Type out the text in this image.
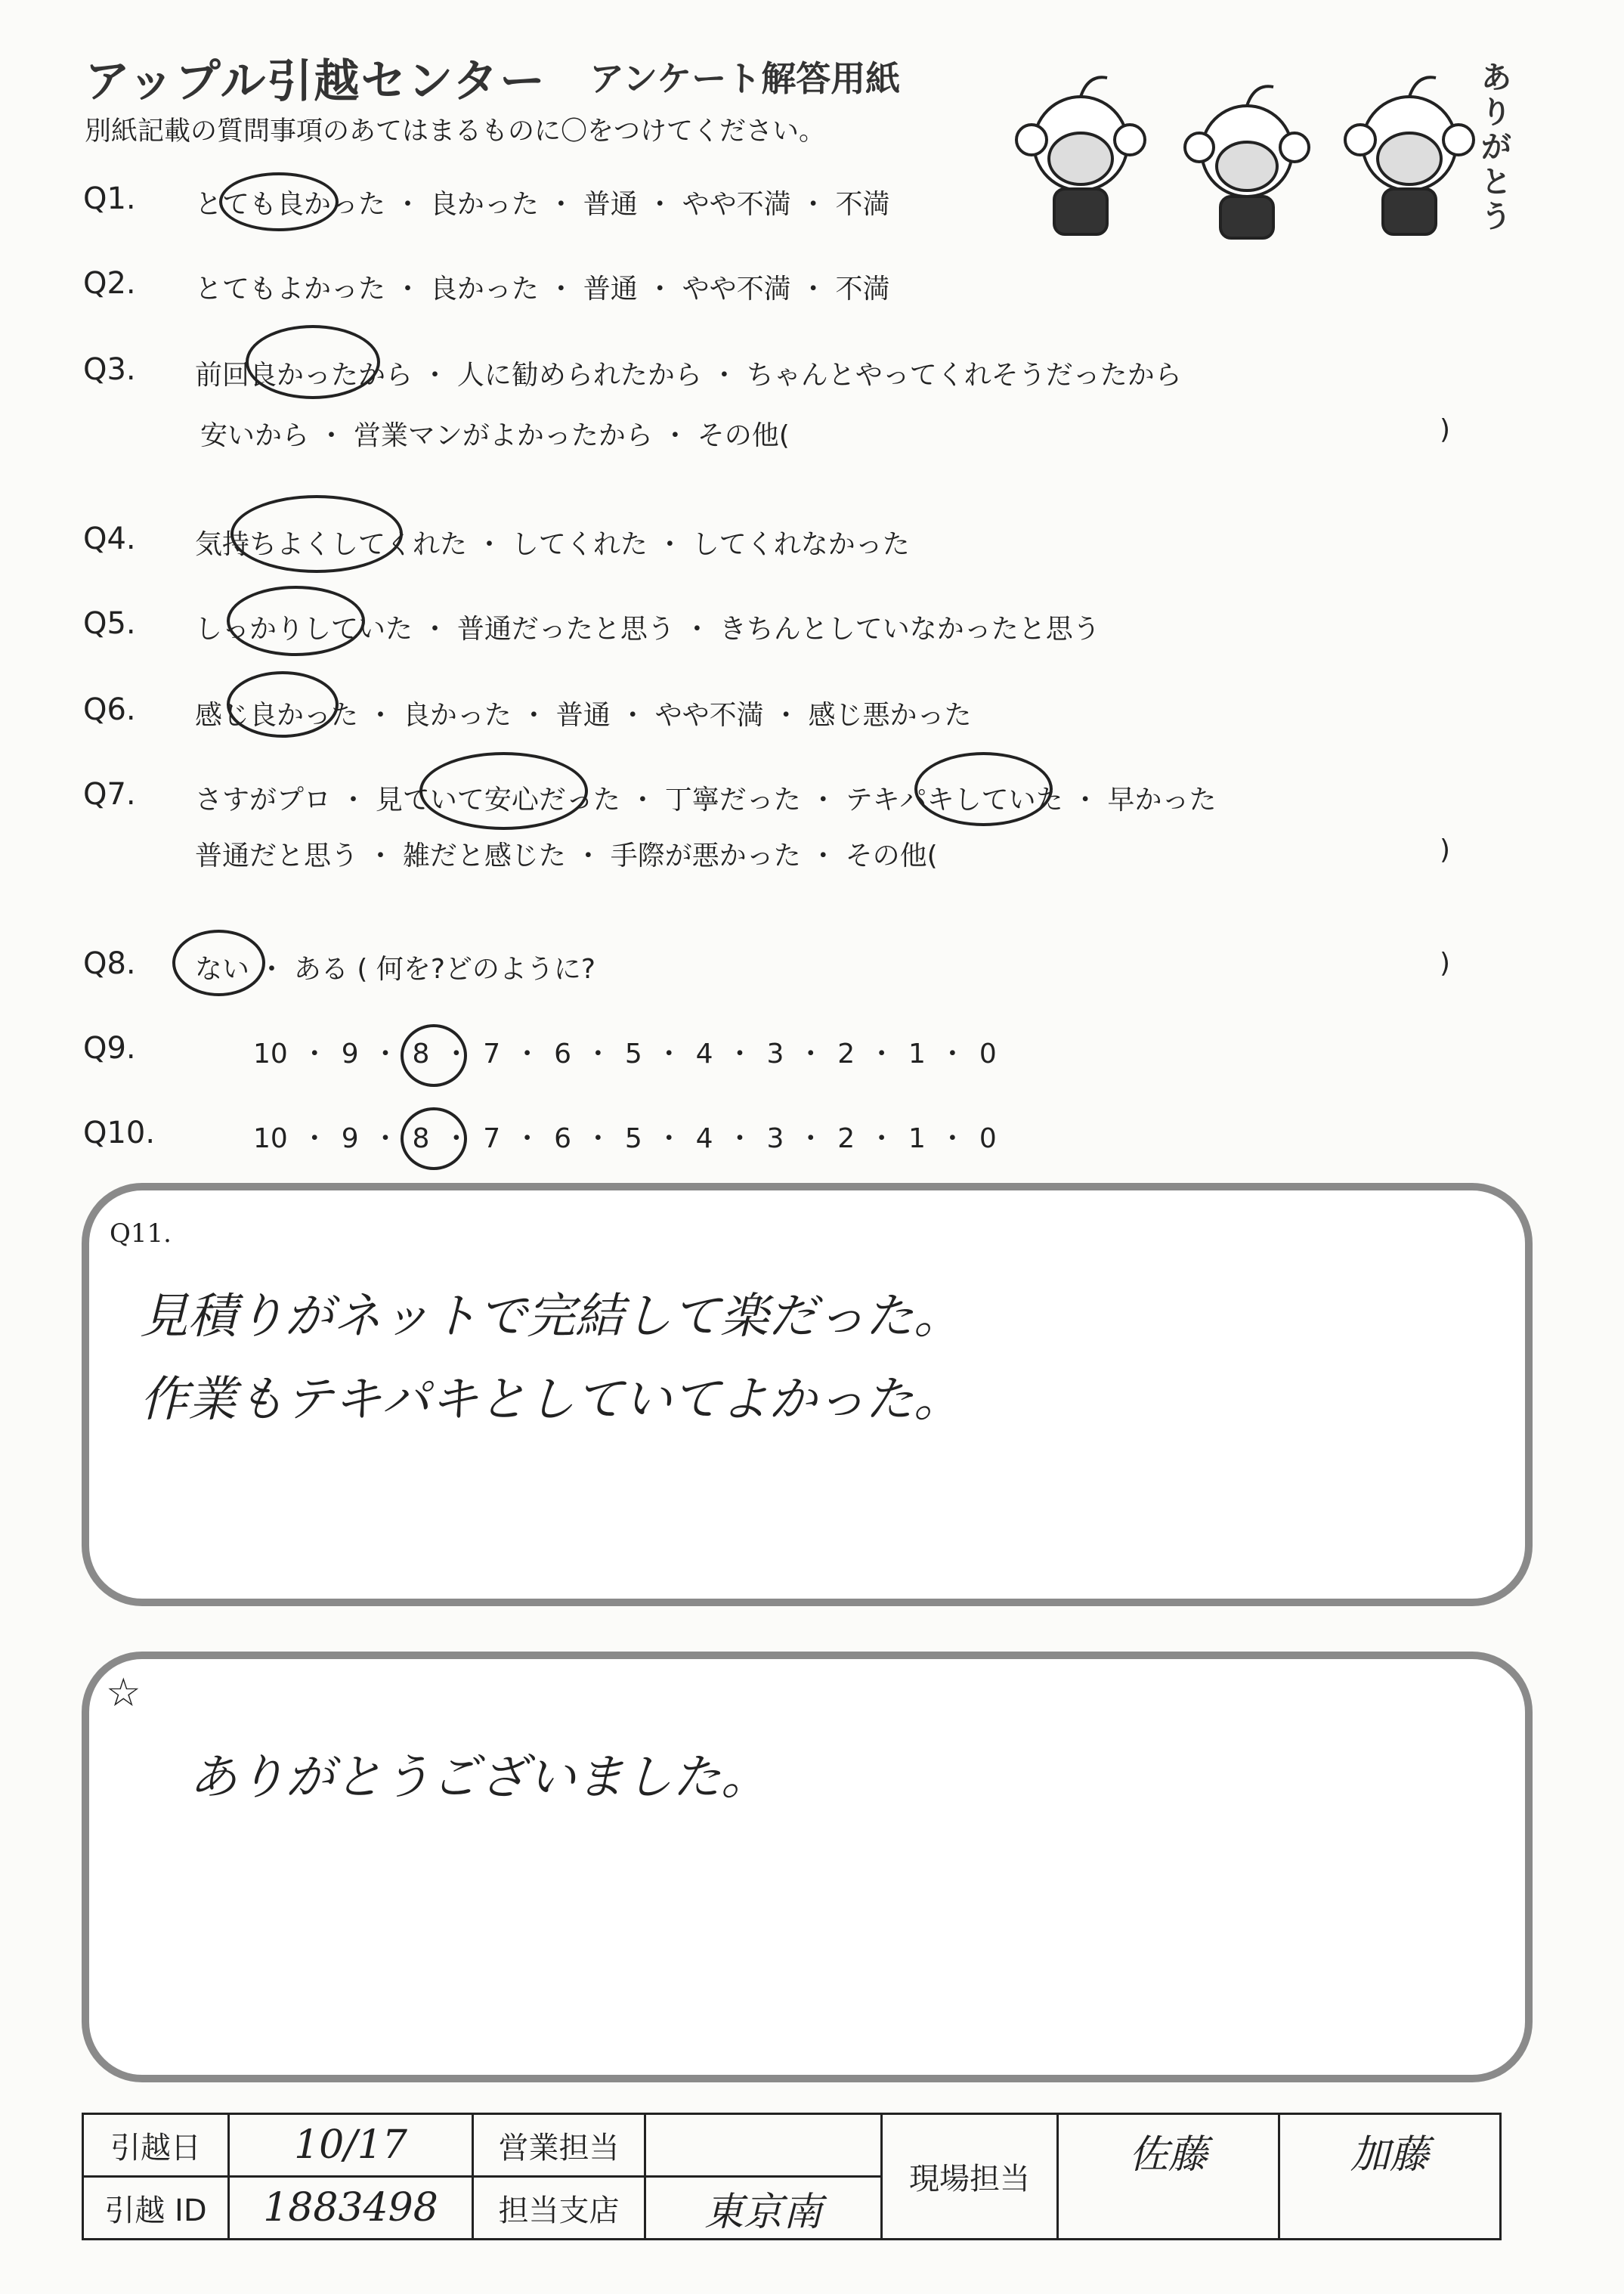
アップル引越センター アンケート解答用紙
別紙記載の質問事項のあてはまるものに〇をつけてください。
ありがとう
Q1. とても良かった ・ 良かった ・ 普通 ・ やや不満 ・ 不満
Q2. とてもよかった ・ 良かった ・ 普通 ・ やや不満 ・ 不満
Q3. 前回良かったから ・ 人に勧められたから ・ ちゃんとやってくれそうだったから
安いから ・ 営業マンがよかったから ・ その他(	)
Q4. 気持ちよくしてくれた ・ してくれた ・ してくれなかった
Q5. しっかりしていた ・ 普通だったと思う ・ きちんとしていなかったと思う
Q6. 感じ良かった ・ 良かった ・ 普通 ・ やや不満 ・ 感じ悪かった
Q7. さすがプロ ・ 見ていて安心だった ・ 丁寧だった ・ テキパキしていた ・ 早かった
普通だと思う ・ 雑だと感じた ・ 手際が悪かった ・ その他(	)
Q8. ない ・ ある ( 何を?どのように?	)
Q9.	10 ・ 9 ・ 8 ・ 7 ・ 6 ・ 5 ・ 4 ・ 3 ・ 2 ・ 1 ・ 0
Q10.	10 ・ 9 ・ 8 ・ 7 ・ 6 ・ 5 ・ 4 ・ 3 ・ 2 ・ 1 ・ 0
Q11.
見積りがネットで完結して楽だった。
作業もテキパキとしていてよかった。
☆
ありがとうございました。
引越日	10/17	営業担当		現場担当	佐藤	加藤
引越 ID	1883498	担当支店	東京南			
